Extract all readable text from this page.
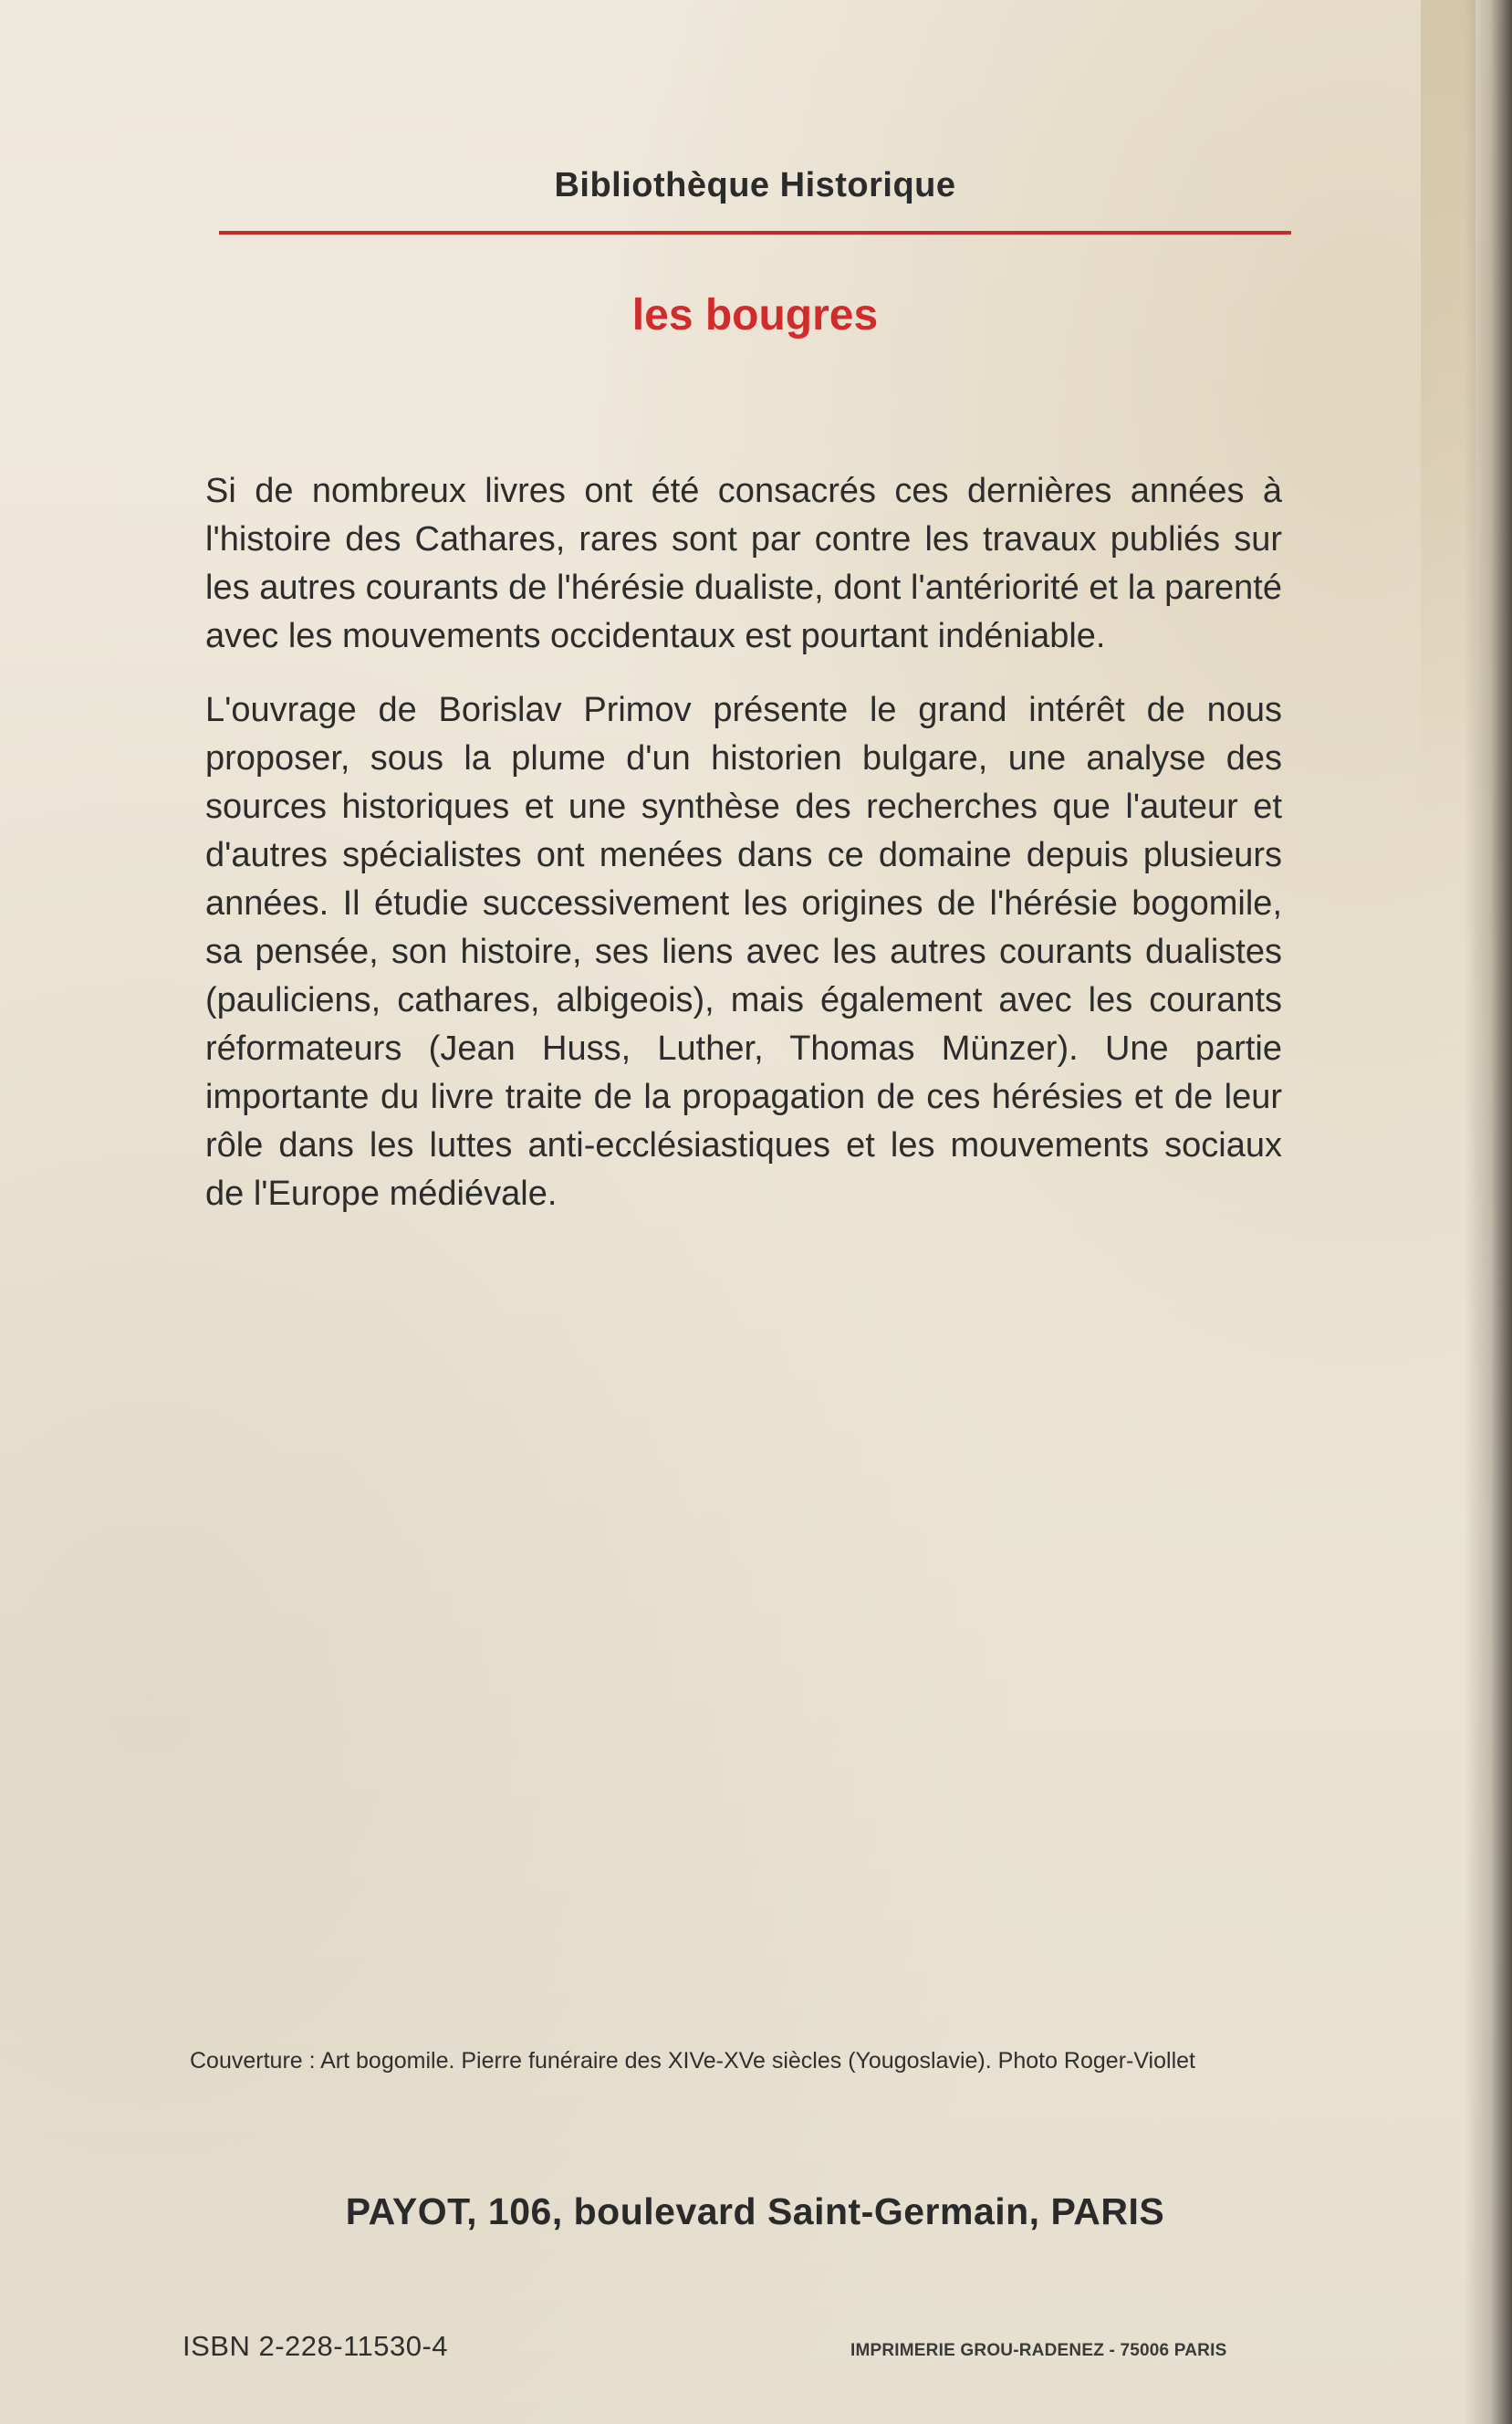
Bibliothèque Historique
les bougres

Si de nombreux livres ont été consacrés ces dernières années à l'histoire des Cathares, rares sont par contre les travaux publiés sur les autres courants de l'hérésie dualiste, dont l'antériorité et la parenté avec les mouvements occidentaux est pourtant indéniable.

L'ouvrage de Borislav Primov présente le grand intérêt de nous proposer, sous la plume d'un historien bulgare, une analyse des sources historiques et une synthèse des recherches que l'auteur et d'autres spécialistes ont menées dans ce domaine depuis plusieurs années. Il étudie successivement les origines de l'hérésie bogomile, sa pensée, son histoire, ses liens avec les autres courants dualistes (pauliciens, cathares, albigeois), mais également avec les courants réformateurs (Jean Huss, Luther, Thomas Münzer). Une partie importante du livre traite de la propagation de ces hérésies et de leur rôle dans les luttes anti-ecclésiastiques et les mouvements sociaux de l'Europe médiévale.

Couverture : Art bogomile. Pierre funéraire des XIVe-XVe siècles (Yougoslavie). Photo Roger-Viollet
PAYOT, 106, boulevard Saint-Germain, PARIS
ISBN 2-228-11530-4	IMPRIMERIE GROU-RADENEZ - 75006 PARIS
